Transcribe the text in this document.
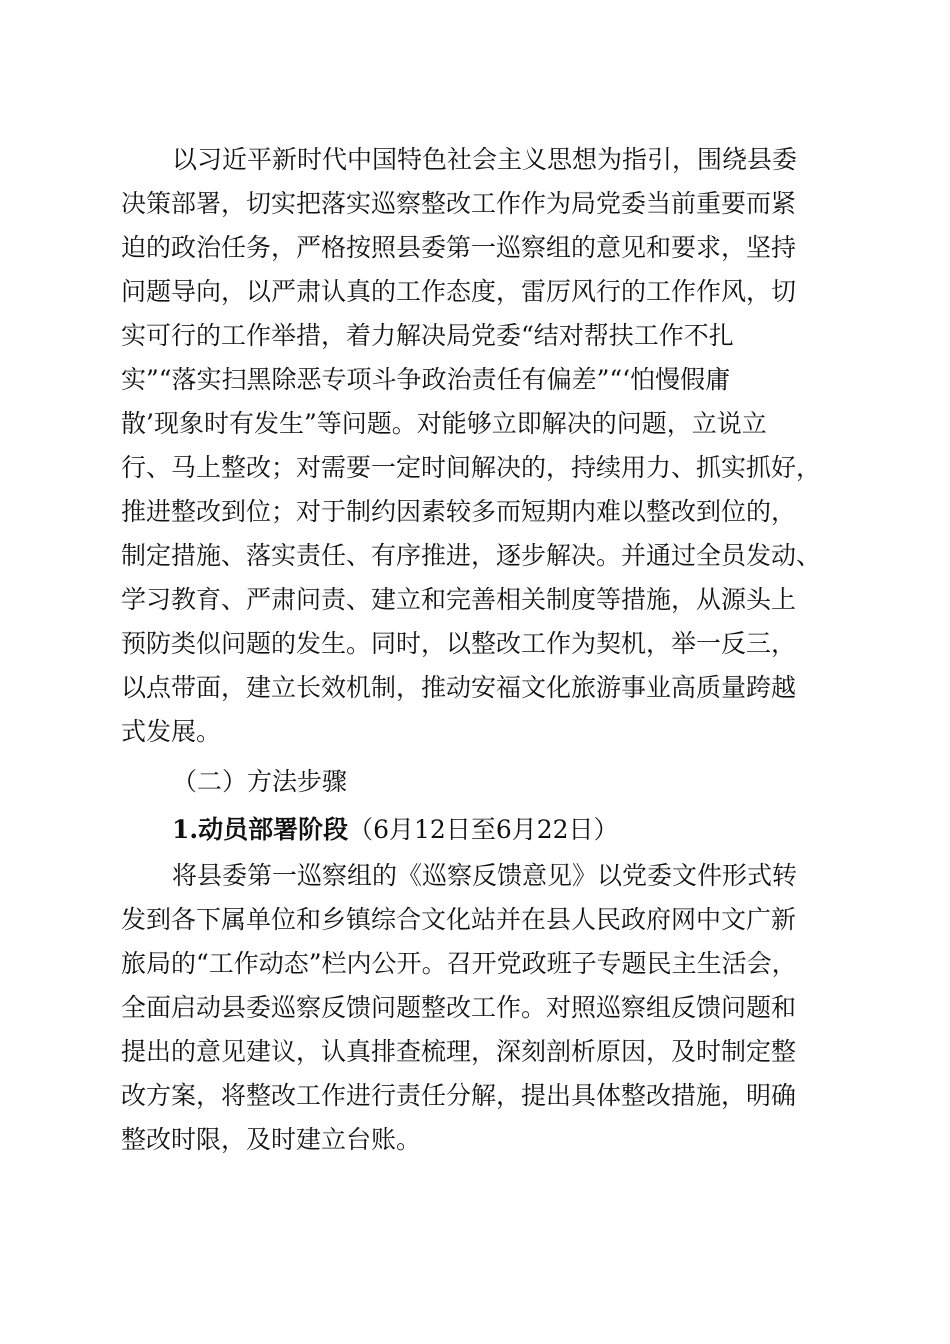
以习近平新时代中国特色社会主义思想为指引，围绕县委
决策部署，切实把落实巡察整改工作作为局党委当前重要而紧
迫的政治任务，严格按照县委第一巡察组的意见和要求，坚持
问题导向，以严肃认真的工作态度，雷厉风行的工作作风，切
实可行的工作举措，着力解决局党委“结对帮扶工作不扎
实”“落实扫黑除恶专项斗争政治责任有偏差”“‘怕慢假庸
散’现象时有发生”等问题。对能够立即解决的问题，立说立
行、马上整改；对需要一定时间解决的，持续用力、抓实抓好，
推进整改到位；对于制约因素较多而短期内难以整改到位的，
制定措施、落实责任、有序推进，逐步解决。并通过全员发动、
学习教育、严肃问责、建立和完善相关制度等措施，从源头上
预防类似问题的发生。同时，以整改工作为契机，举一反三，
以点带面，建立长效机制，推动安福文化旅游事业高质量跨越
式发展。
（二）方法步骤
1.动员部署阶段（6月12日至6月22日）
将县委第一巡察组的《巡察反馈意见》以党委文件形式转
发到各下属单位和乡镇综合文化站并在县人民政府网中文广新
旅局的“工作动态”栏内公开。召开党政班子专题民主生活会，
全面启动县委巡察反馈问题整改工作。对照巡察组反馈问题和
提出的意见建议，认真排查梳理，深刻剖析原因，及时制定整
改方案，将整改工作进行责任分解，提出具体整改措施，明确
整改时限，及时建立台账。
